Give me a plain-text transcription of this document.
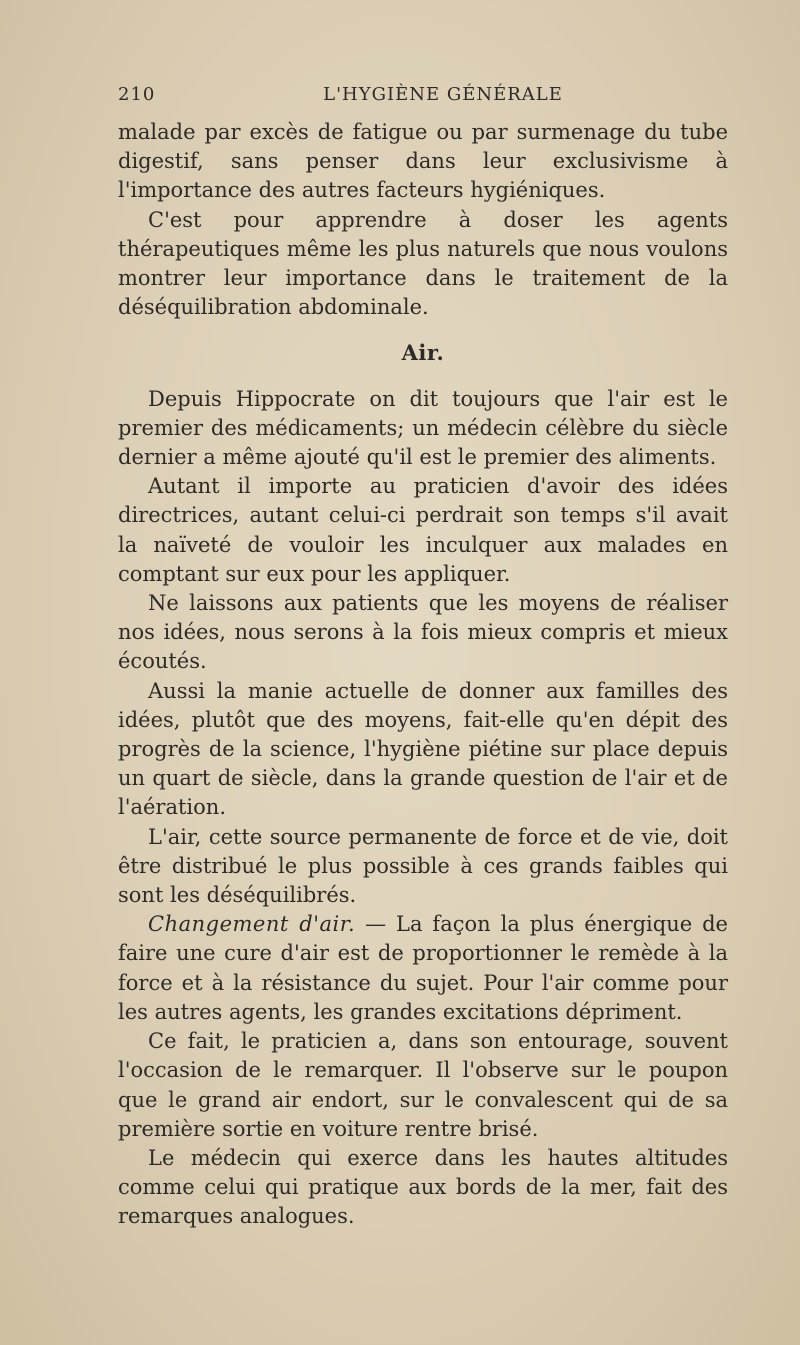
210	L'HYGIÈNE GÉNÉRALE

malade par excès de fatigue ou par surmenage du tube digestif, sans penser dans leur exclusivisme à l'importance des autres facteurs hygiéniques.

C'est pour apprendre à doser les agents thérapeutiques même les plus naturels que nous voulons montrer leur importance dans le traitement de la déséquilibration abdominale.

Air.

Depuis Hippocrate on dit toujours que l'air est le premier des médicaments; un médecin célèbre du siècle dernier a même ajouté qu'il est le premier des aliments.

Autant il importe au praticien d'avoir des idées directrices, autant celui-ci perdrait son temps s'il avait la naïveté de vouloir les inculquer aux malades en comptant sur eux pour les appliquer.

Ne laissons aux patients que les moyens de réaliser nos idées, nous serons à la fois mieux compris et mieux écoutés.

Aussi la manie actuelle de donner aux familles des idées, plutôt que des moyens, fait-elle qu'en dépit des progrès de la science, l'hygiène piétine sur place depuis un quart de siècle, dans la grande question de l'air et de l'aération.

L'air, cette source permanente de force et de vie, doit être distribué le plus possible à ces grands faibles qui sont les déséquilibrés.

Changement d'air. — La façon la plus énergique de faire une cure d'air est de proportionner le remède à la force et à la résistance du sujet. Pour l'air comme pour les autres agents, les grandes excitations dépriment.

Ce fait, le praticien a, dans son entourage, souvent l'occasion de le remarquer. Il l'observe sur le poupon que le grand air endort, sur le convalescent qui de sa première sortie en voiture rentre brisé.

Le médecin qui exerce dans les hautes altitudes comme celui qui pratique aux bords de la mer, fait des remarques analogues.
